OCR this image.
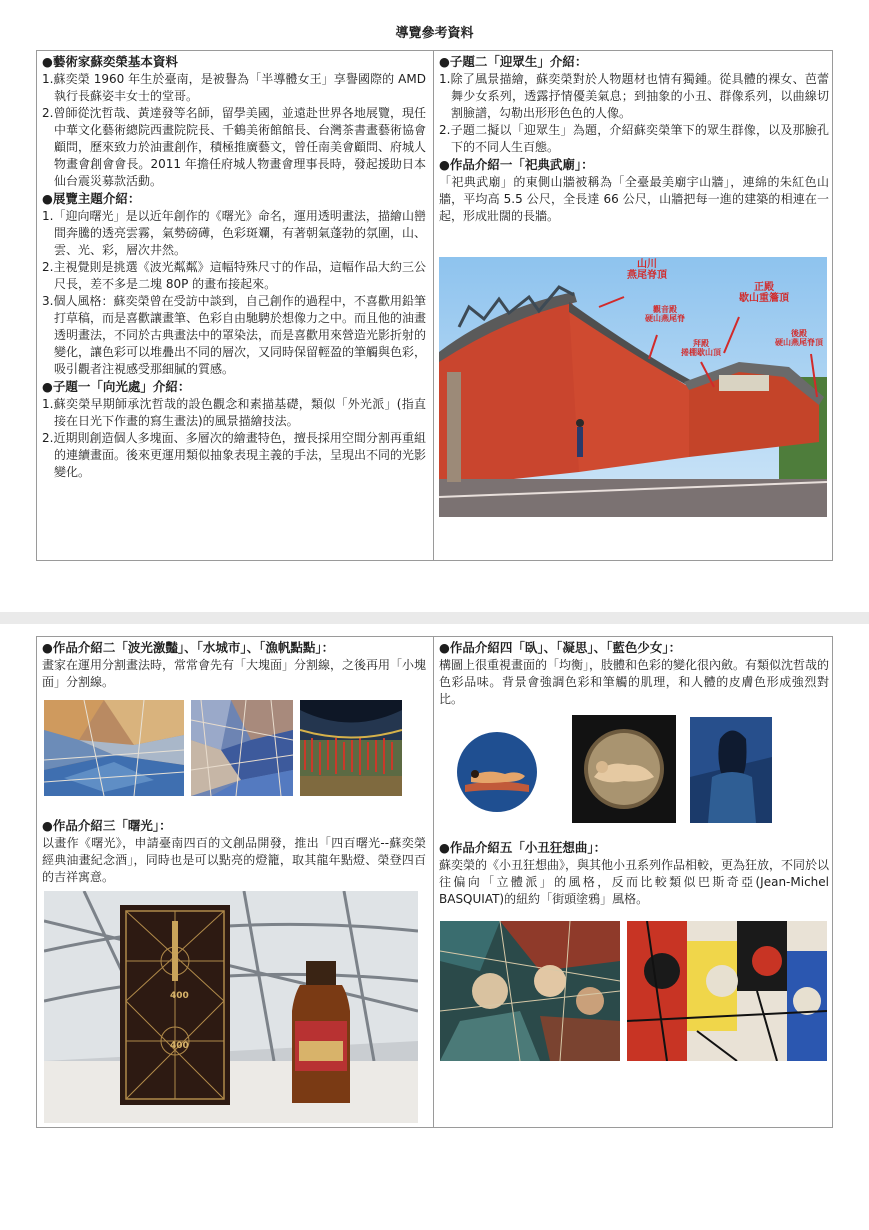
導覽參考資料
●藝術家蘇奕榮基本資料
1.蘇奕榮 1960 年生於臺南，是被譽為「半導體女王」享譽國際的 AMD 執行長蘇姿丰女士的堂哥。
2.曾師從沈哲哉、黃達發等名師，留學美國，並遠赴世界各地展覽，現任中華文化藝術總院西畫院院長、千鶴美術館館長、台灣茶書畫藝術協會顧問，歷來致力於油畫創作，積極推廣藝文，曾任南美會顧問、府城人物畫會創會會長。2011 年擔任府城人物畫會理事長時，發起援助日本仙台震災募款活動。
●展覽主題介紹：
1.「迎向曙光」是以近年創作的《曙光》命名，運用透明畫法，描繪山巒間奔騰的透亮雲霧，氣勢磅礡，色彩斑斕，有著朝氣蓬勃的氛圍，山、雲、光、彩，層次井然。
2.主視覺則是挑選《波光粼粼》這幅特殊尺寸的作品，這幅作品大約三公尺長，差不多是二塊 80P 的畫布接起來。
3.個人風格：蘇奕榮曾在受訪中談到，自己創作的過程中，不喜歡用鉛筆打草稿，而是喜歡讓畫筆、色彩自由馳騁於想像力之中。而且他的油畫透明畫法，不同於古典畫法中的罩染法，而是喜歡用來營造光影折射的變化，讓色彩可以堆疊出不同的層次，又同時保留輕盈的筆觸與色彩，吸引觀者注視感受那細膩的質感。
●子題一「向光處」介紹：
1.蘇奕榮早期師承沈哲哉的設色觀念和素描基礎，類似「外光派」(指直接在日光下作畫的寫生畫法)的風景描繪技法。
2.近期則創造個人多塊面、多層次的繪畫特色，擅長採用空間分割再重組的連續畫面。後來更運用類似抽象表現主義的手法，呈現出不同的光影變化。
●子題二「迎眾生」介紹：
1.除了風景描繪，蘇奕榮對於人物題材也情有獨鍾。從具體的裸女、芭蕾舞少女系列，透露抒情優美氣息；到抽象的小丑、群像系列，以曲線切割臉譜，勾勒出形形色色的人像。
2.子題二擬以「迎眾生」為題，介紹蘇奕榮筆下的眾生群像，以及那臉孔下的不同人生百態。
●作品介紹一「祀典武廟」：

「祀典武廟」的東側山牆被稱為「全臺最美廟宇山牆」，連綿的朱紅色山牆，平均高 5.5 公尺，全長達 66 公尺，山牆把每一進的建築的相連在一起，形成壯闊的長牆。

山川
燕尾脊頂
正殿
歇山重簷頂
觀音殿
硬山燕尾脊
拜殿
捲棚歇山頂
後殿
硬山燕尾脊頂
●作品介紹二「波光激豔」、「水城市」、「漁帆點點」：

畫家在運用分割畫法時，常常會先有「大塊面」分割線，之後再用「小塊面」分割線。

●作品介紹三「曙光」：

以畫作《曙光》，申請臺南四百的文創品開發，推出「四百曙光--蘇奕榮經典油畫紀念酒」，同時也是可以點亮的燈籠，取其龍年點燈、榮登四百的吉祥寓意。

400
400
●作品介紹四「臥」、「凝思」、「藍色少女」：

構圖上很重視畫面的「均衡」，肢體和色彩的變化很內斂。有類似沈哲哉的色彩品味。背景會強調色彩和筆觸的肌理，和人體的皮膚色形成強烈對比。

●作品介紹五「小丑狂想曲」：

蘇奕榮的《小丑狂想曲》，與其他小丑系列作品相較，更為狂放，不同於以往偏向「立體派」的風格，反而比較類似巴斯奇亞(Jean-Michel BASQUIAT)的紐約「街頭塗鴉」風格。
